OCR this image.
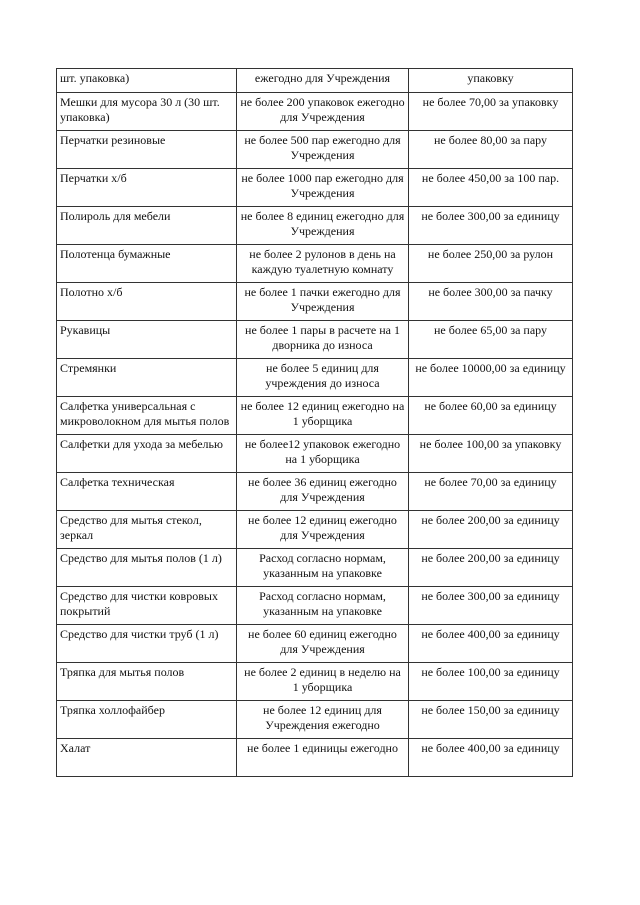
шт. упаковка)	ежегодно для Учреждения	упаковку
Мешки для мусора 30 л (30 шт. упаковка)	не более 200 упаковок ежегодно для Учреждения	не более 70,00 за упаковку
Перчатки резиновые	не более 500 пар ежегодно для Учреждения	не более 80,00 за пару
Перчатки х/б	не более 1000 пар ежегодно для Учреждения	не более 450,00 за 100 пар.
Полироль для мебели	не более 8 единиц ежегодно для Учреждения	не более 300,00 за единицу
Полотенца бумажные	не более 2 рулонов в день на каждую туалетную комнату	не более 250,00 за рулон
Полотно х/б	не более 1 пачки ежегодно для Учреждения	не более 300,00 за пачку
Рукавицы	не более 1 пары в расчете на 1 дворника до износа	не более 65,00 за пару
Стремянки	не более 5 единиц для учреждения до износа	не более 10000,00 за единицу
Салфетка универсальная с микроволокном для мытья полов	не более 12 единиц ежегодно на 1 уборщика	не более 60,00 за единицу
Салфетки для ухода за мебелью	не более12 упаковок ежегодно на 1 уборщика	не более 100,00 за упаковку
Салфетка техническая	не более 36 единиц ежегодно для Учреждения	не более 70,00 за единицу
Средство для мытья стекол, зеркал	не более 12 единиц ежегодно для Учреждения	не более 200,00 за единицу
Средство для мытья полов (1 л)	Расход согласно нормам, указанным на упаковке	не более 200,00 за единицу
Средство для чистки ковровых покрытий	Расход согласно нормам, указанным на упаковке	не более 300,00 за единицу
Средство для чистки труб (1 л)	не более 60 единиц ежегодно для Учреждения	не более 400,00 за единицу
Тряпка для мытья полов	не более 2 единиц в неделю на 1 уборщика	не более 100,00 за единицу
Тряпка холлофайбер	не более 12 единиц для Учреждения ежегодно	не более 150,00 за единицу
Халат	не более 1 единицы ежегодно	не более 400,00 за единицу
